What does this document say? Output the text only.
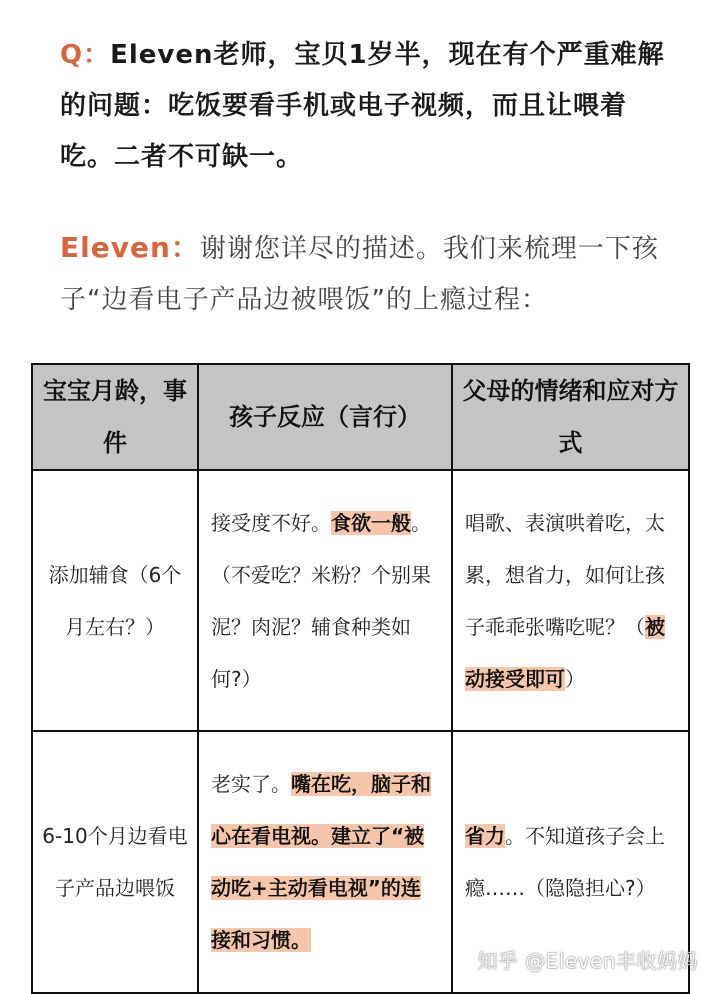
Q：Eleven老师，宝贝1岁半，现在有个严重难解的问题：吃饭要看手机或电子视频，而且让喂着吃。二者不可缺一。
Eleven：谢谢您详尽的描述。我们来梳理一下孩子“边看电子产品边被喂饭”的上瘾过程：
宝宝月龄，事件	孩子反应（言行）	父母的情绪和应对方式
添加辅食（6个月左右？）	接受度不好。食欲一般。（不爱吃？米粉？个别果泥？肉泥？辅食种类如何?）	唱歌、表演哄着吃，太累，想省力，如何让孩子乖乖张嘴吃呢？（被动接受即可）
6-10个月边看电子产品边喂饭	老实了。嘴在吃，脑子和心在看电视。建立了“被动吃+主动看电视”的连接和习惯。	省力。不知道孩子会上瘾……（隐隐担心?）
知乎 @Eleven丰收妈妈
